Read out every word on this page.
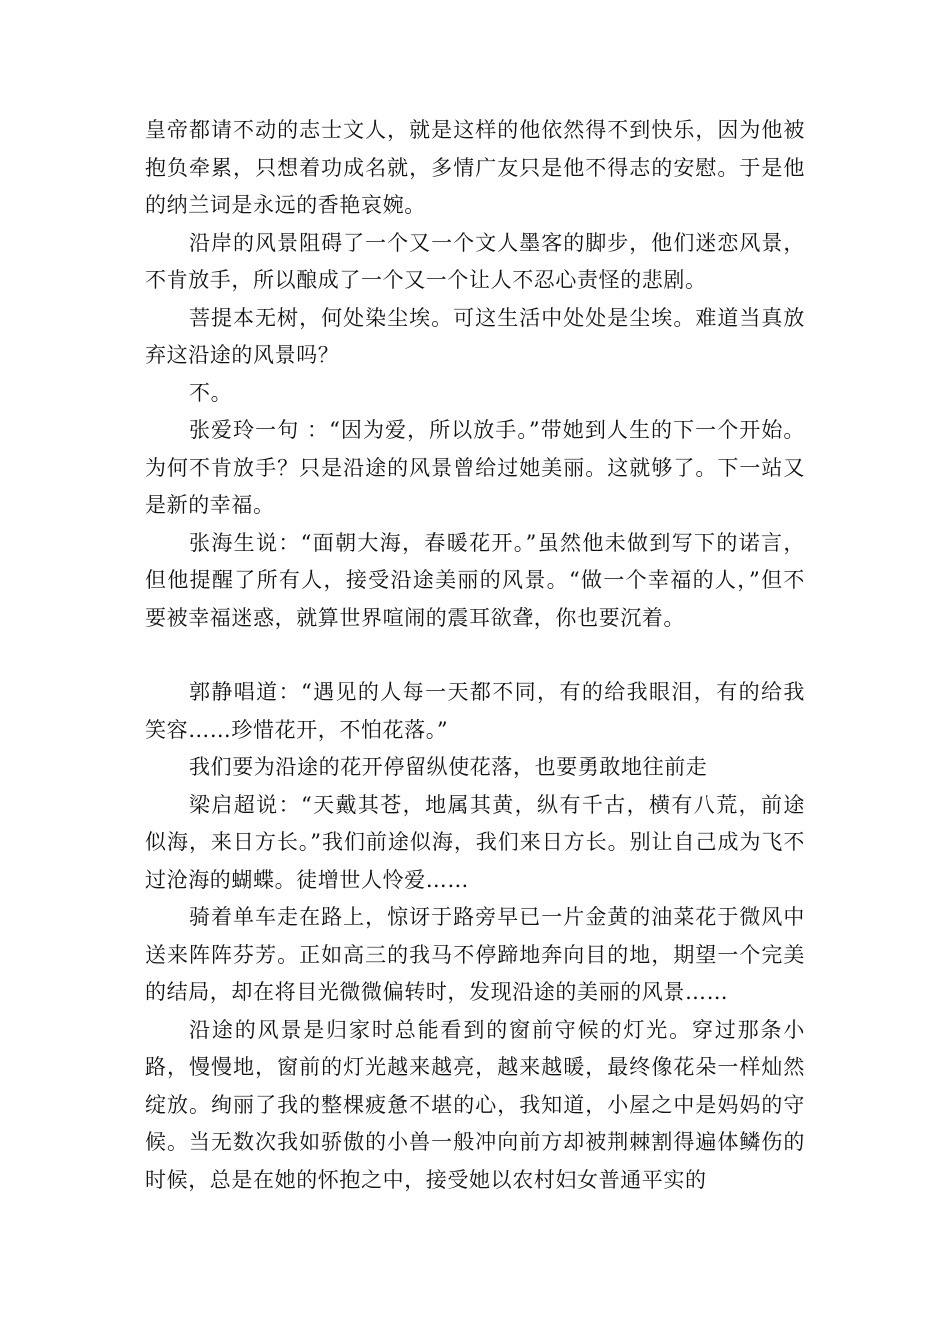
皇帝都请不动的志士文人，就是这样的他依然得不到快乐，因为他被抱负牵累，只想着功成名就，多情广友只是他不得志的安慰。于是他的纳兰词是永远的香艳哀婉。

沿岸的风景阻碍了一个又一个文人墨客的脚步，他们迷恋风景，不肯放手，所以酿成了一个又一个让人不忍心责怪的悲剧。

菩提本无树，何处染尘埃。可这生活中处处是尘埃。难道当真放弃这沿途的风景吗？

不。

张爱玲一句 ：“因为爱，所以放手。”带她到人生的下一个开始。为何不肯放手？只是沿途的风景曾给过她美丽。这就够了。下一站又是新的幸福。

张海生说：“面朝大海，春暖花开。”虽然他未做到写下的诺言，但他提醒了所有人，接受沿途美丽的风景。“做一个幸福的人，”但不要被幸福迷惑，就算世界喧闹的震耳欲聋，你也要沉着。

郭静唱道：“遇见的人每一天都不同，有的给我眼泪，有的给我笑容……珍惜花开，不怕花落。”

我们要为沿途的花开停留纵使花落，也要勇敢地往前走

梁启超说：“天戴其苍，地属其黄，纵有千古，横有八荒，前途似海，来日方长。”我们前途似海，我们来日方长。别让自己成为飞不过沧海的蝴蝶。徒增世人怜爱……

骑着单车走在路上，惊讶于路旁早已一片金黄的油菜花于微风中送来阵阵芬芳。正如高三的我马不停蹄地奔向目的地，期望一个完美的结局，却在将目光微微偏转时，发现沿途的美丽的风景……

沿途的风景是归家时总能看到的窗前守候的灯光。穿过那条小路，慢慢地，窗前的灯光越来越亮，越来越暖，最终像花朵一样灿然绽放。绚丽了我的整棵疲惫不堪的心，我知道，小屋之中是妈妈的守候。当无数次我如骄傲的小兽一般冲向前方却被荆棘割得遍体鳞伤的时候，总是在她的怀抱之中，接受她以农村妇女普通平实的
